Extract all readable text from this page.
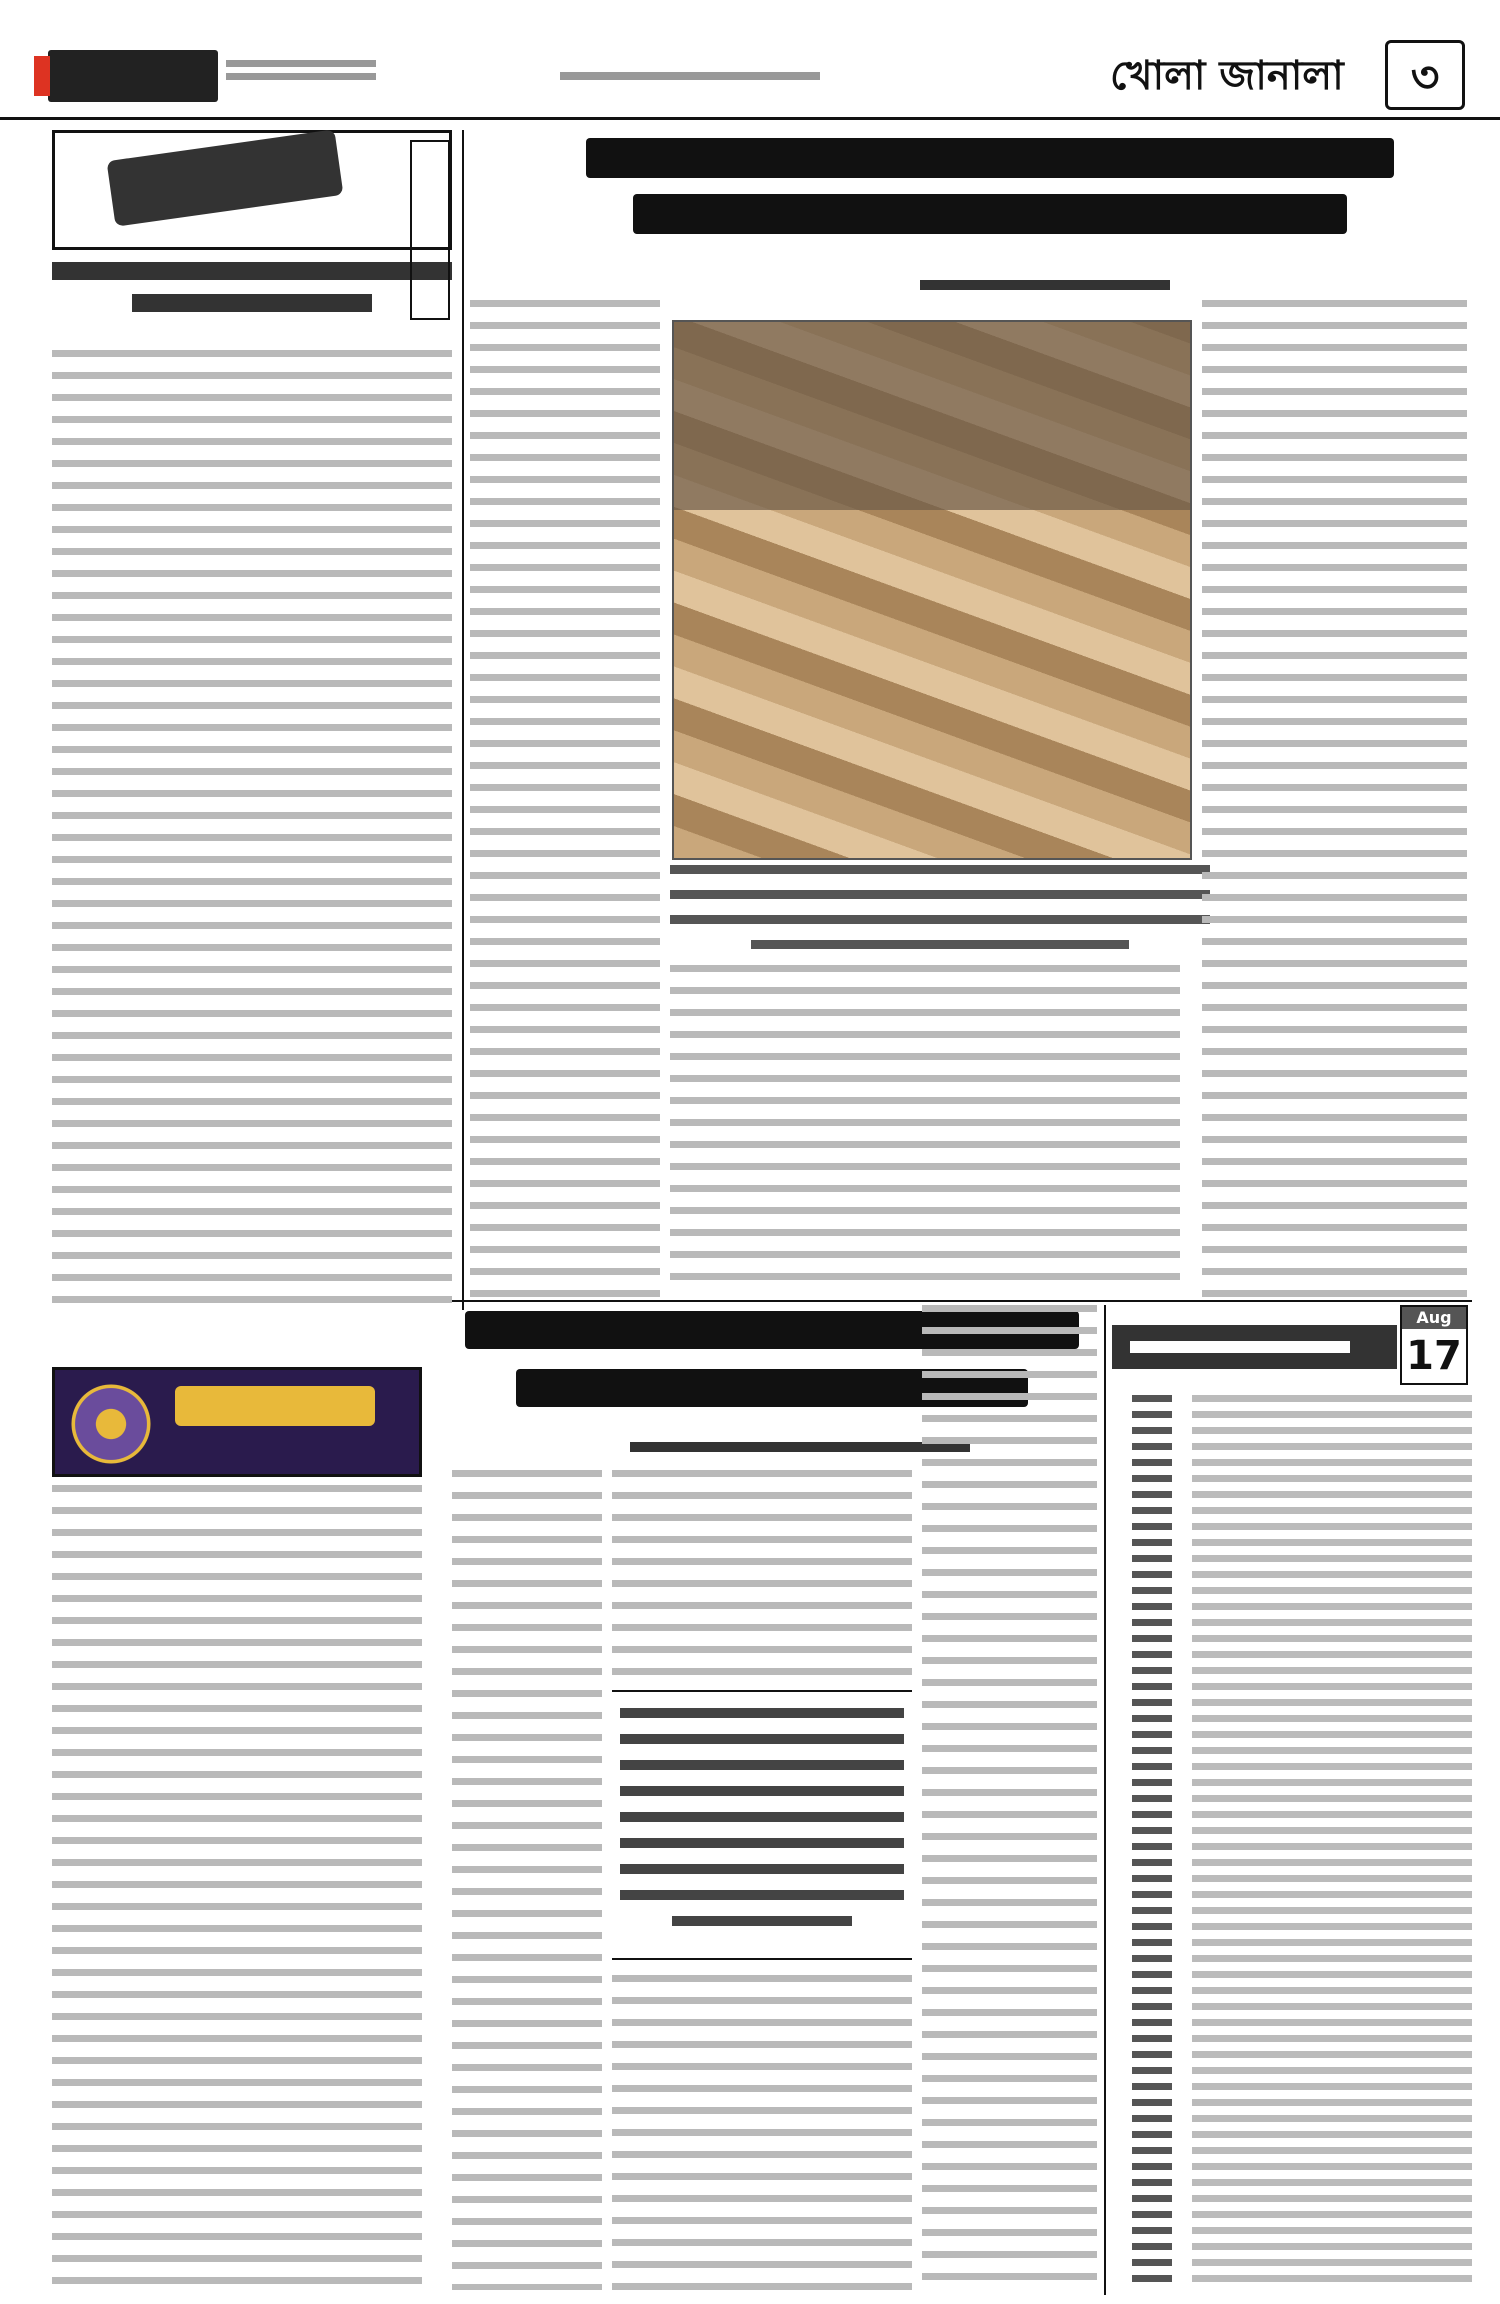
খোলা জানালা	৩
Aug
17
